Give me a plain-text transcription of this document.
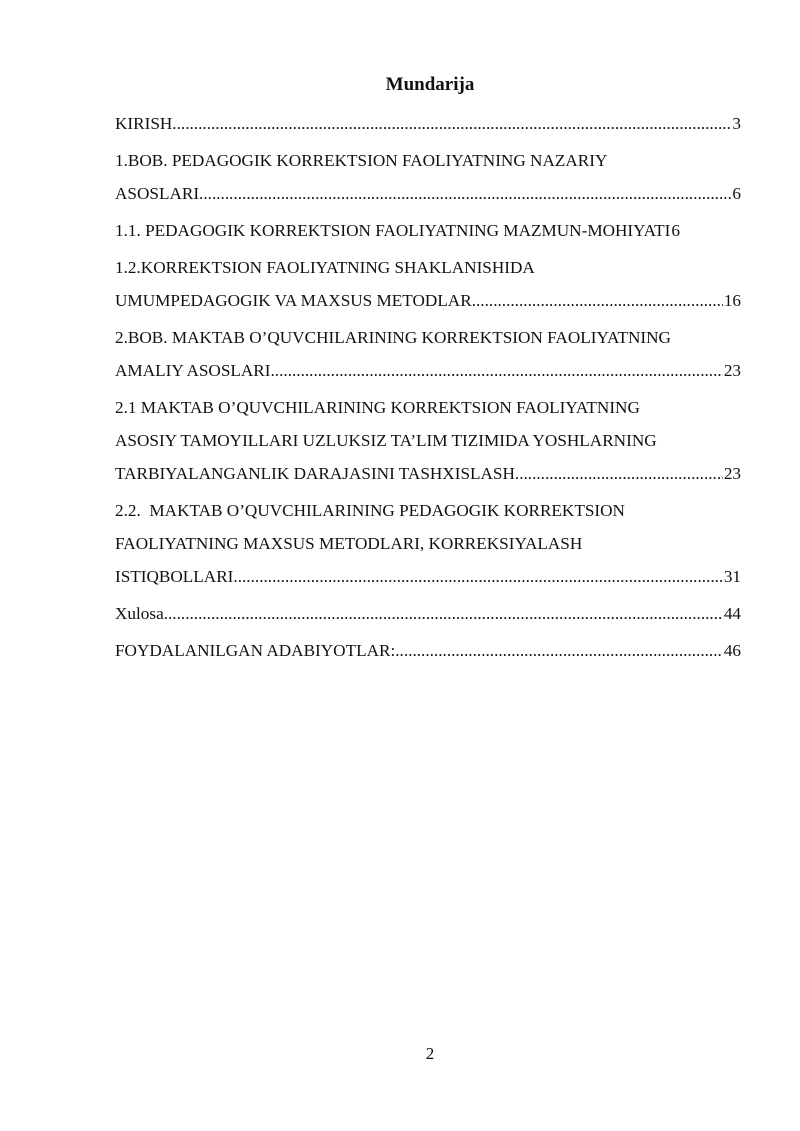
Mundarija
KIRISH .....	3
1.BOB. PEDAGOGIK KORREKTSION FAOLIYATNING NAZARIY
ASOSLARI .....	6
1.1. PEDAGOGIK KORREKTSION FAOLIYATNING MAZMUN-MOHIYATI 6
1.2.KORREKTSION FAOLIYATNING SHAKLANISHIDA
UMUMPEDAGOGIK VA MAXSUS METODLAR .....	16
2.BOB. MAKTAB O’QUVCHILARINING KORREKTSION FAOLIYATNING
AMALIY ASOSLARI .....	23
2.1 MAKTAB O’QUVCHILARINING KORREKTSION FAOLIYATNING
ASOSIY TAMOYILLARI UZLUKSIZ TA’LIM TIZIMIDA YOSHLARNING
TARBIYALANGANLIK DARAJASINI TASHXISLASH .....	23
2.2.  MAKTAB O’QUVCHILARINING PEDAGOGIK KORREKTSION
FAOLIYATNING MAXSUS METODLARI, KORREKSIYALASH
ISTIQBOLLARI .....	31
Xulosa .....	44
FOYDALANILGAN ADABIYOTLAR: .....	46
2
